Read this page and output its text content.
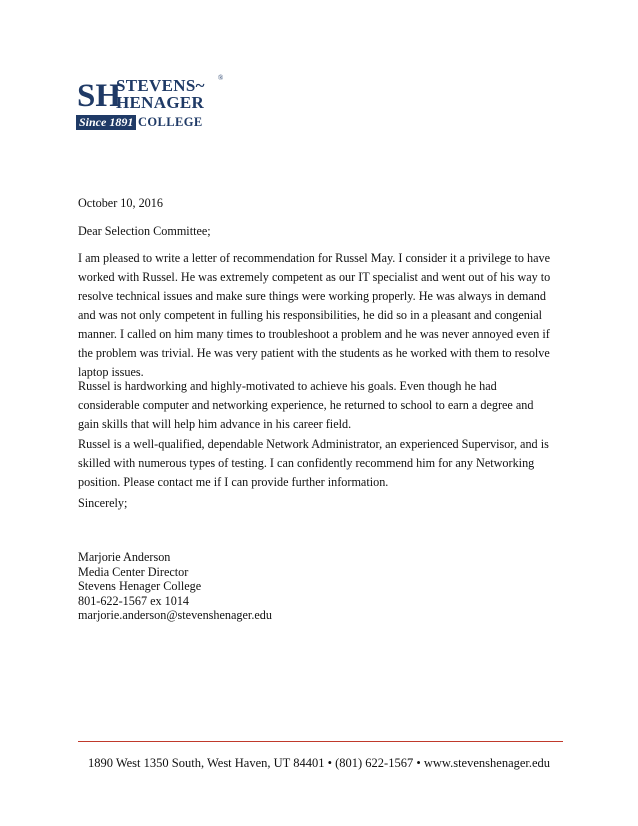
SH
STEVENS~
HENAGER
®
Since 1891 COLLEGE
October 10, 2016
Dear Selection Committee;
I am pleased to write a letter of recommendation for Russel May. I consider it a privilege to have
worked with Russel. He was extremely competent as our IT specialist and went out of his way to
resolve technical issues and make sure things were working properly. He was always in demand
and was not only competent in fulling his responsibilities, he did so in a pleasant and congenial
manner. I called on him many times to troubleshoot a problem and he was never annoyed even if
the problem was trivial. He was very patient with the students as he worked with them to resolve
laptop issues.
Russel is hardworking and highly-motivated to achieve his goals. Even though he had
considerable computer and networking experience, he returned to school to earn a degree and
gain skills that will help him advance in his career field.
Russel is a well-qualified, dependable Network Administrator, an experienced Supervisor, and is
skilled with numerous types of testing. I can confidently recommend him for any Networking
position. Please contact me if I can provide further information.
Sincerely;
Marjorie Anderson
Media Center Director
Stevens Henager College
801-622-1567 ex 1014
marjorie.anderson@stevenshenager.edu
1890 West 1350 South, West Haven, UT 84401 • (801) 622-1567 • www.stevenshenager.edu
